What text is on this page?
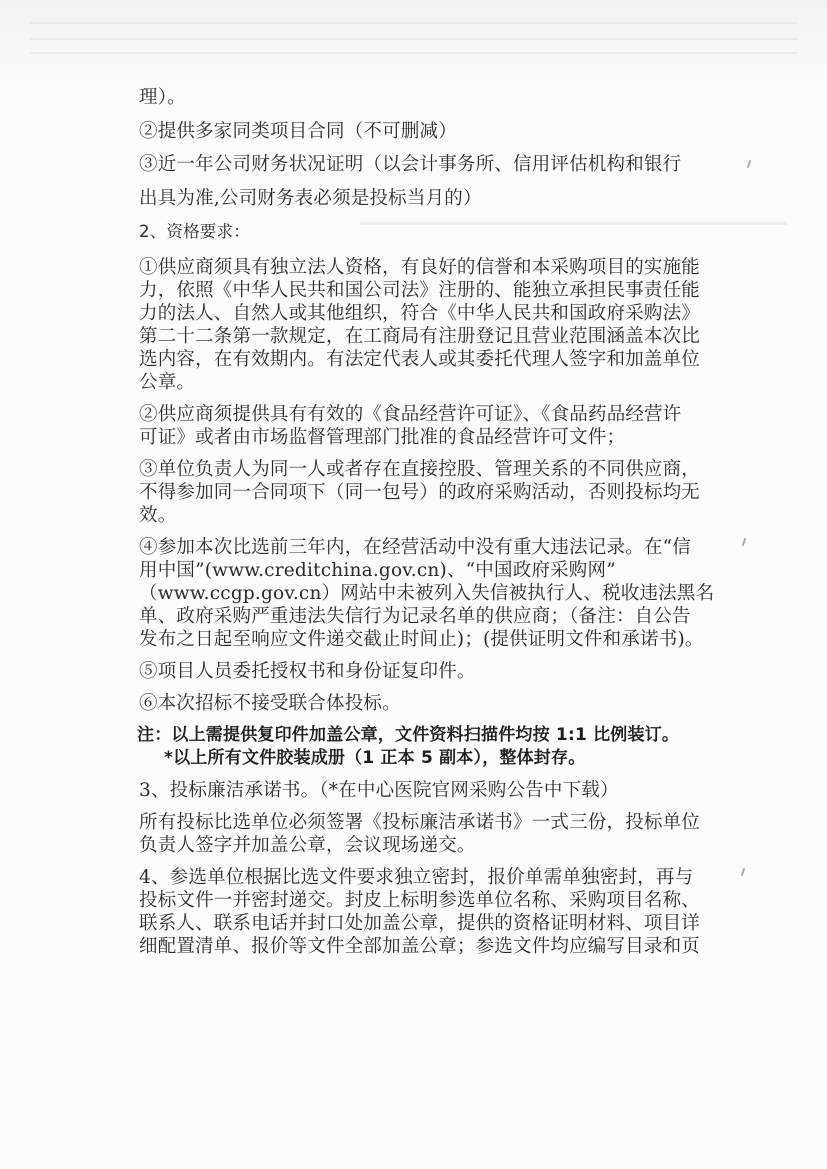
理）。

②提供多家同类项目合同（不可删减）

③近一年公司财务状况证明（以会计事务所、信用评估机构和银行

出具为准,公司财务表必须是投标当月的）

2、资格要求：

①供应商须具有独立法人资格，有良好的信誉和本采购项目的实施能

力，依照《中华人民共和国公司法》注册的、能独立承担民事责任能

力的法人、自然人或其他组织，符合《中华人民共和国政府采购法》

第二十二条第一款规定，在工商局有注册登记且营业范围涵盖本次比

选内容，在有效期内。有法定代表人或其委托代理人签字和加盖单位

公章。

②供应商须提供具有有效的《食品经营许可证》、《食品药品经营许

可证》或者由市场监督管理部门批准的食品经营许可文件；

③单位负责人为同一人或者存在直接控股、管理关系的不同供应商，

不得参加同一合同项下（同一包号）的政府采购活动，否则投标均无

效。

④参加本次比选前三年内，在经营活动中没有重大违法记录。在“信

用中国”(www.creditchina.gov.cn)、“中国政府采购网”

（www.ccgp.gov.cn）网站中未被列入失信被执行人、税收违法黑名

单、政府采购严重违法失信行为记录名单的供应商；（备注：自公告

发布之日起至响应文件递交截止时间止)；(提供证明文件和承诺书)。

⑤项目人员委托授权书和身份证复印件。

⑥本次招标不接受联合体投标。

注：以上需提供复印件加盖公章，文件资料扫描件均按 1:1 比例装订。

*以上所有文件胶装成册（1 正本 5 副本），整体封存。

3、投标廉洁承诺书。（*在中心医院官网采购公告中下载）

所有投标比选单位必须签署《投标廉洁承诺书》一式三份，投标单位

负责人签字并加盖公章，会议现场递交。

4、参选单位根据比选文件要求独立密封，报价单需单独密封，再与

投标文件一并密封递交。封皮上标明参选单位名称、采购项目名称、

联系人、联系电话并封口处加盖公章，提供的资格证明材料、项目详

细配置清单、报价等文件全部加盖公章；参选文件均应编写目录和页
